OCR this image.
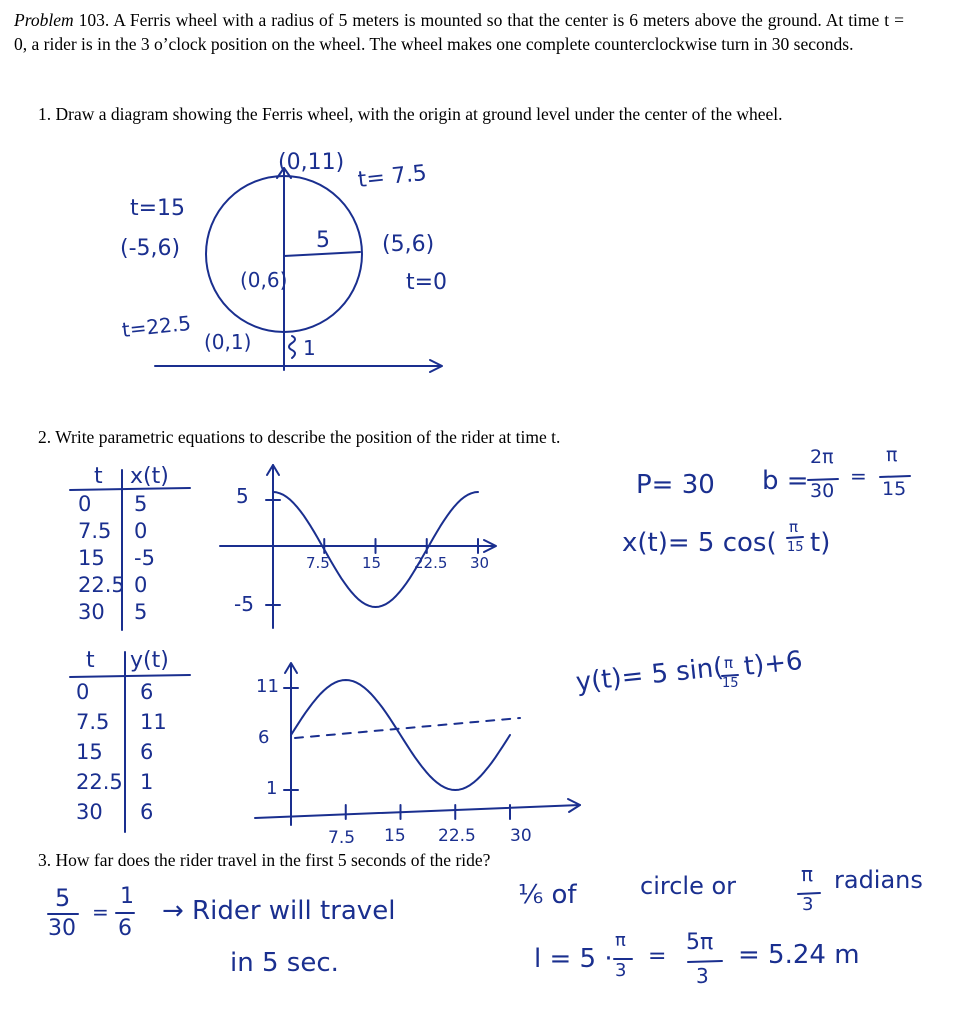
Problem 103. A Ferris wheel with a radius of 5 meters is mounted so that the center is 6 meters above the ground. At time t = 0, a rider is in the 3 o’clock position on the wheel. The wheel makes one complete counterclockwise turn in 30 seconds.
1. Draw a diagram showing the Ferris wheel, with the origin at ground level under the center of the wheel.
2. Write parametric equations to describe the position of the rider at time t.
3. How far does the rider travel in the first 5 seconds of the ride?
(0,11) t= 7.5
t=15
(-5,6)	5 (5,6)
t=0
(0,6)
t=22.5
(0,1)	1
t x(t)
0 5
7.5 0
15 -5
22.5 0
30 5
5
-5
7.5 15 22.5 30
t y(t)
0 6
7.5 11
15 6
22.5 1
30 6
11
6
1
7.5 15 22.5 30
P= 30 b =
2π
30
=
π
15
x(t)= 5 cos(
π
15 t)
y(t)= 5 sin( π
15
t)+6
5
30
=
1
6
→ Rider will travel
⅙ of	circle or	π
3
radians
in 5 sec.	l = 5 ·
π
3
=
5π
3
= 5.24 m
